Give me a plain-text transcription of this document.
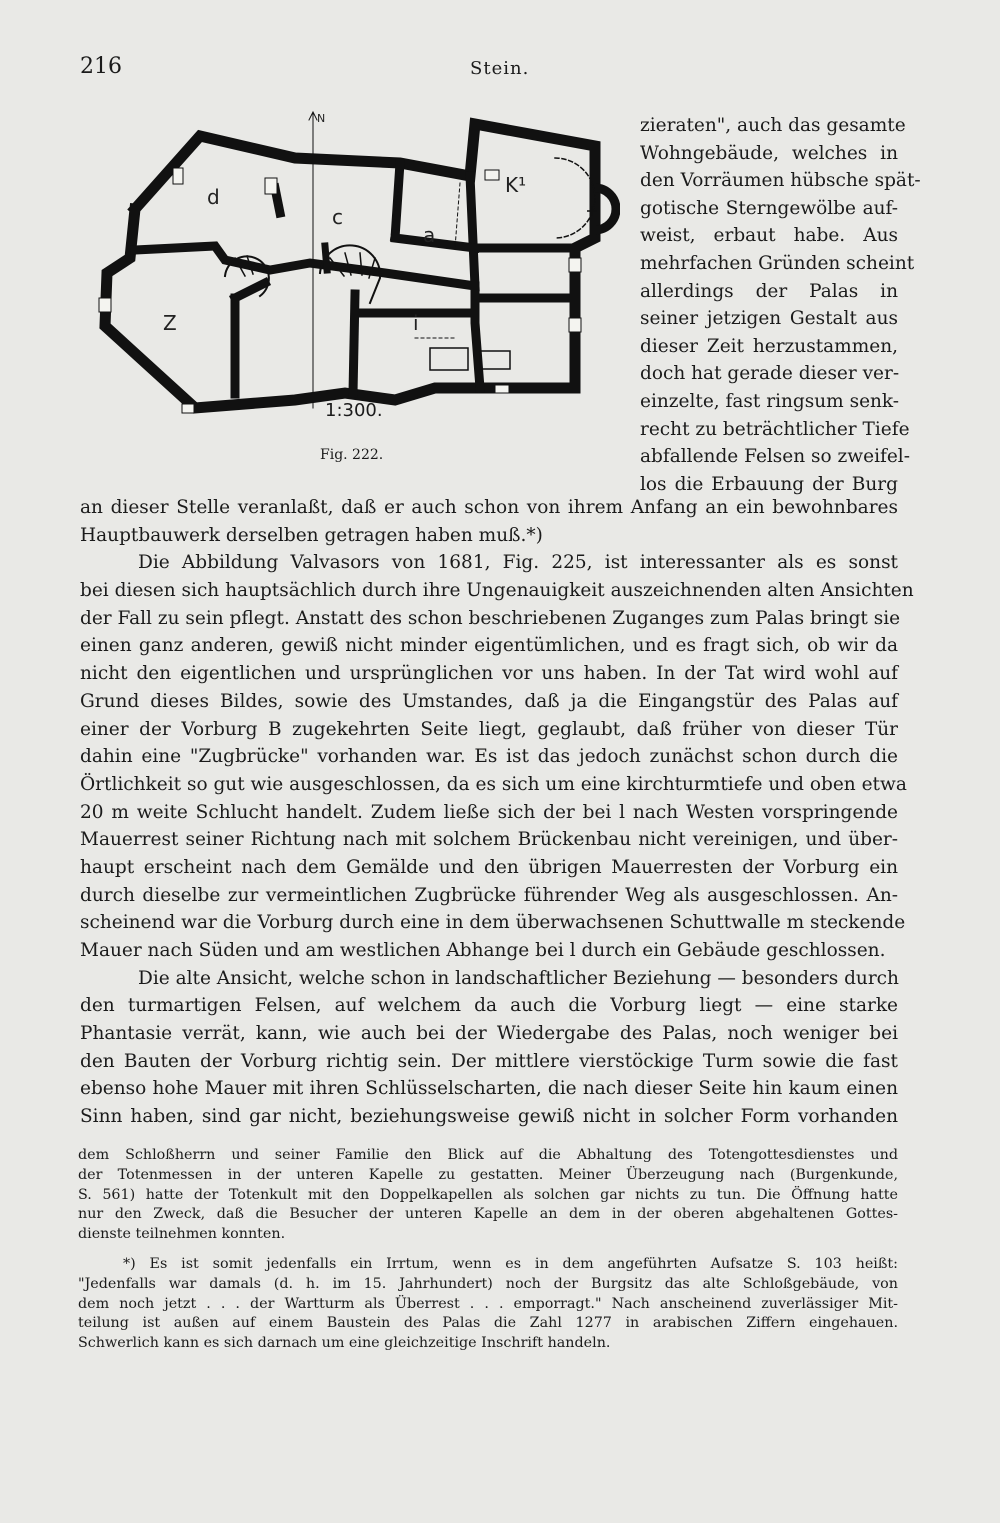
216	Stein.
N
d
c
a
K¹
Z	i
1:300.
Fig. 222.
zieraten", auch das gesamte
Wohngebäude, welches in
den Vorräumen hübsche spät-
gotische Sterngewölbe auf-
weist, erbaut habe. Aus
mehrfachen Gründen scheint
allerdings der Palas in
seiner jetzigen Gestalt aus
dieser Zeit herzustammen,
doch hat gerade dieser ver-
einzelte, fast ringsum senk-
recht zu beträchtlicher Tiefe
abfallende Felsen so zweifel-
los die Erbauung der Burg
an dieser Stelle veranlaßt, daß er auch schon von ihrem Anfang an ein bewohnbares
Hauptbauwerk derselben getragen haben muß.*)
Die Abbildung Valvasors von 1681, Fig. 225, ist interessanter als es sonst
bei diesen sich hauptsächlich durch ihre Ungenauigkeit auszeichnenden alten Ansichten
der Fall zu sein pflegt. Anstatt des schon beschriebenen Zuganges zum Palas bringt sie
einen ganz anderen, gewiß nicht minder eigentümlichen, und es fragt sich, ob wir da
nicht den eigentlichen und ursprünglichen vor uns haben. In der Tat wird wohl auf
Grund dieses Bildes, sowie des Umstandes, daß ja die Eingangstür des Palas auf
einer der Vorburg B zugekehrten Seite liegt, geglaubt, daß früher von dieser Tür
dahin eine "Zugbrücke" vorhanden war. Es ist das jedoch zunächst schon durch die
Örtlichkeit so gut wie ausgeschlossen, da es sich um eine kirchturmtiefe und oben etwa
20 m weite Schlucht handelt. Zudem ließe sich der bei l nach Westen vorspringende
Mauerrest seiner Richtung nach mit solchem Brückenbau nicht vereinigen, und über-
haupt erscheint nach dem Gemälde und den übrigen Mauerresten der Vorburg ein
durch dieselbe zur vermeintlichen Zugbrücke führender Weg als ausgeschlossen. An-
scheinend war die Vorburg durch eine in dem überwachsenen Schuttwalle m steckende
Mauer nach Süden und am westlichen Abhange bei l durch ein Gebäude geschlossen.
Die alte Ansicht, welche schon in landschaftlicher Beziehung — besonders durch
den turmartigen Felsen, auf welchem da auch die Vorburg liegt — eine starke
Phantasie verrät, kann, wie auch bei der Wiedergabe des Palas, noch weniger bei
den Bauten der Vorburg richtig sein. Der mittlere vierstöckige Turm sowie die fast
ebenso hohe Mauer mit ihren Schlüsselscharten, die nach dieser Seite hin kaum einen
Sinn haben, sind gar nicht, beziehungsweise gewiß nicht in solcher Form vorhanden
dem Schloßherrn und seiner Familie den Blick auf die Abhaltung des Totengottesdienstes und
der Totenmessen in der unteren Kapelle zu gestatten. Meiner Überzeugung nach (Burgenkunde,
S. 561) hatte der Totenkult mit den Doppelkapellen als solchen gar nichts zu tun. Die Öffnung hatte
nur den Zweck, daß die Besucher der unteren Kapelle an dem in der oberen abgehaltenen Gottes-
dienste teilnehmen konnten.
*) Es ist somit jedenfalls ein Irrtum, wenn es in dem angeführten Aufsatze S. 103 heißt:
"Jedenfalls war damals (d. h. im 15. Jahrhundert) noch der Burgsitz das alte Schloßgebäude, von
dem noch jetzt . . . der Wartturm als Überrest . . . emporragt." Nach anscheinend zuverlässiger Mit-
teilung ist außen auf einem Baustein des Palas die Zahl 1277 in arabischen Ziffern eingehauen.
Schwerlich kann es sich darnach um eine gleichzeitige Inschrift handeln.
